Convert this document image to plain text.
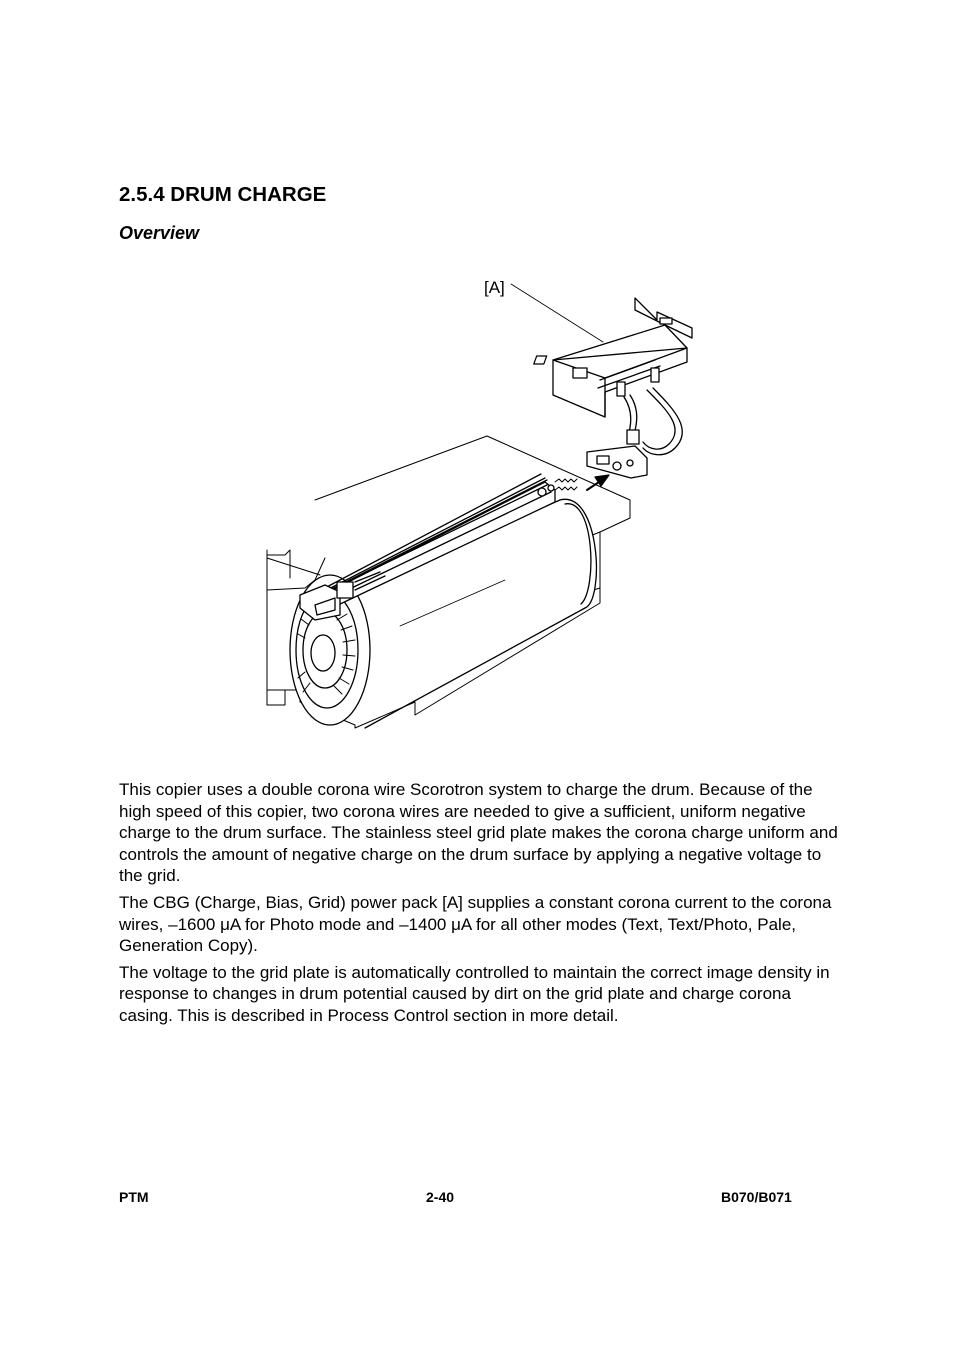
2.5.4 DRUM CHARGE
Overview
[A]

This copier uses a double corona wire Scorotron system to charge the drum. Because of the high speed of this copier, two corona wires are needed to give a sufficient, uniform negative charge to the drum surface. The stainless steel grid plate makes the corona charge uniform and controls the amount of negative charge on the drum surface by applying a negative voltage to the grid.

The CBG (Charge, Bias, Grid) power pack [A] supplies a constant corona current to the corona wires, –1600 μA for Photo mode and –1400 μA for all other modes (Text, Text/Photo, Pale, Generation Copy).

The voltage to the grid plate is automatically controlled to maintain the correct image density in response to changes in drum potential caused by dirt on the grid plate and charge corona casing. This is described in Process Control section in more detail.

PTM	2-40	B070/B071
